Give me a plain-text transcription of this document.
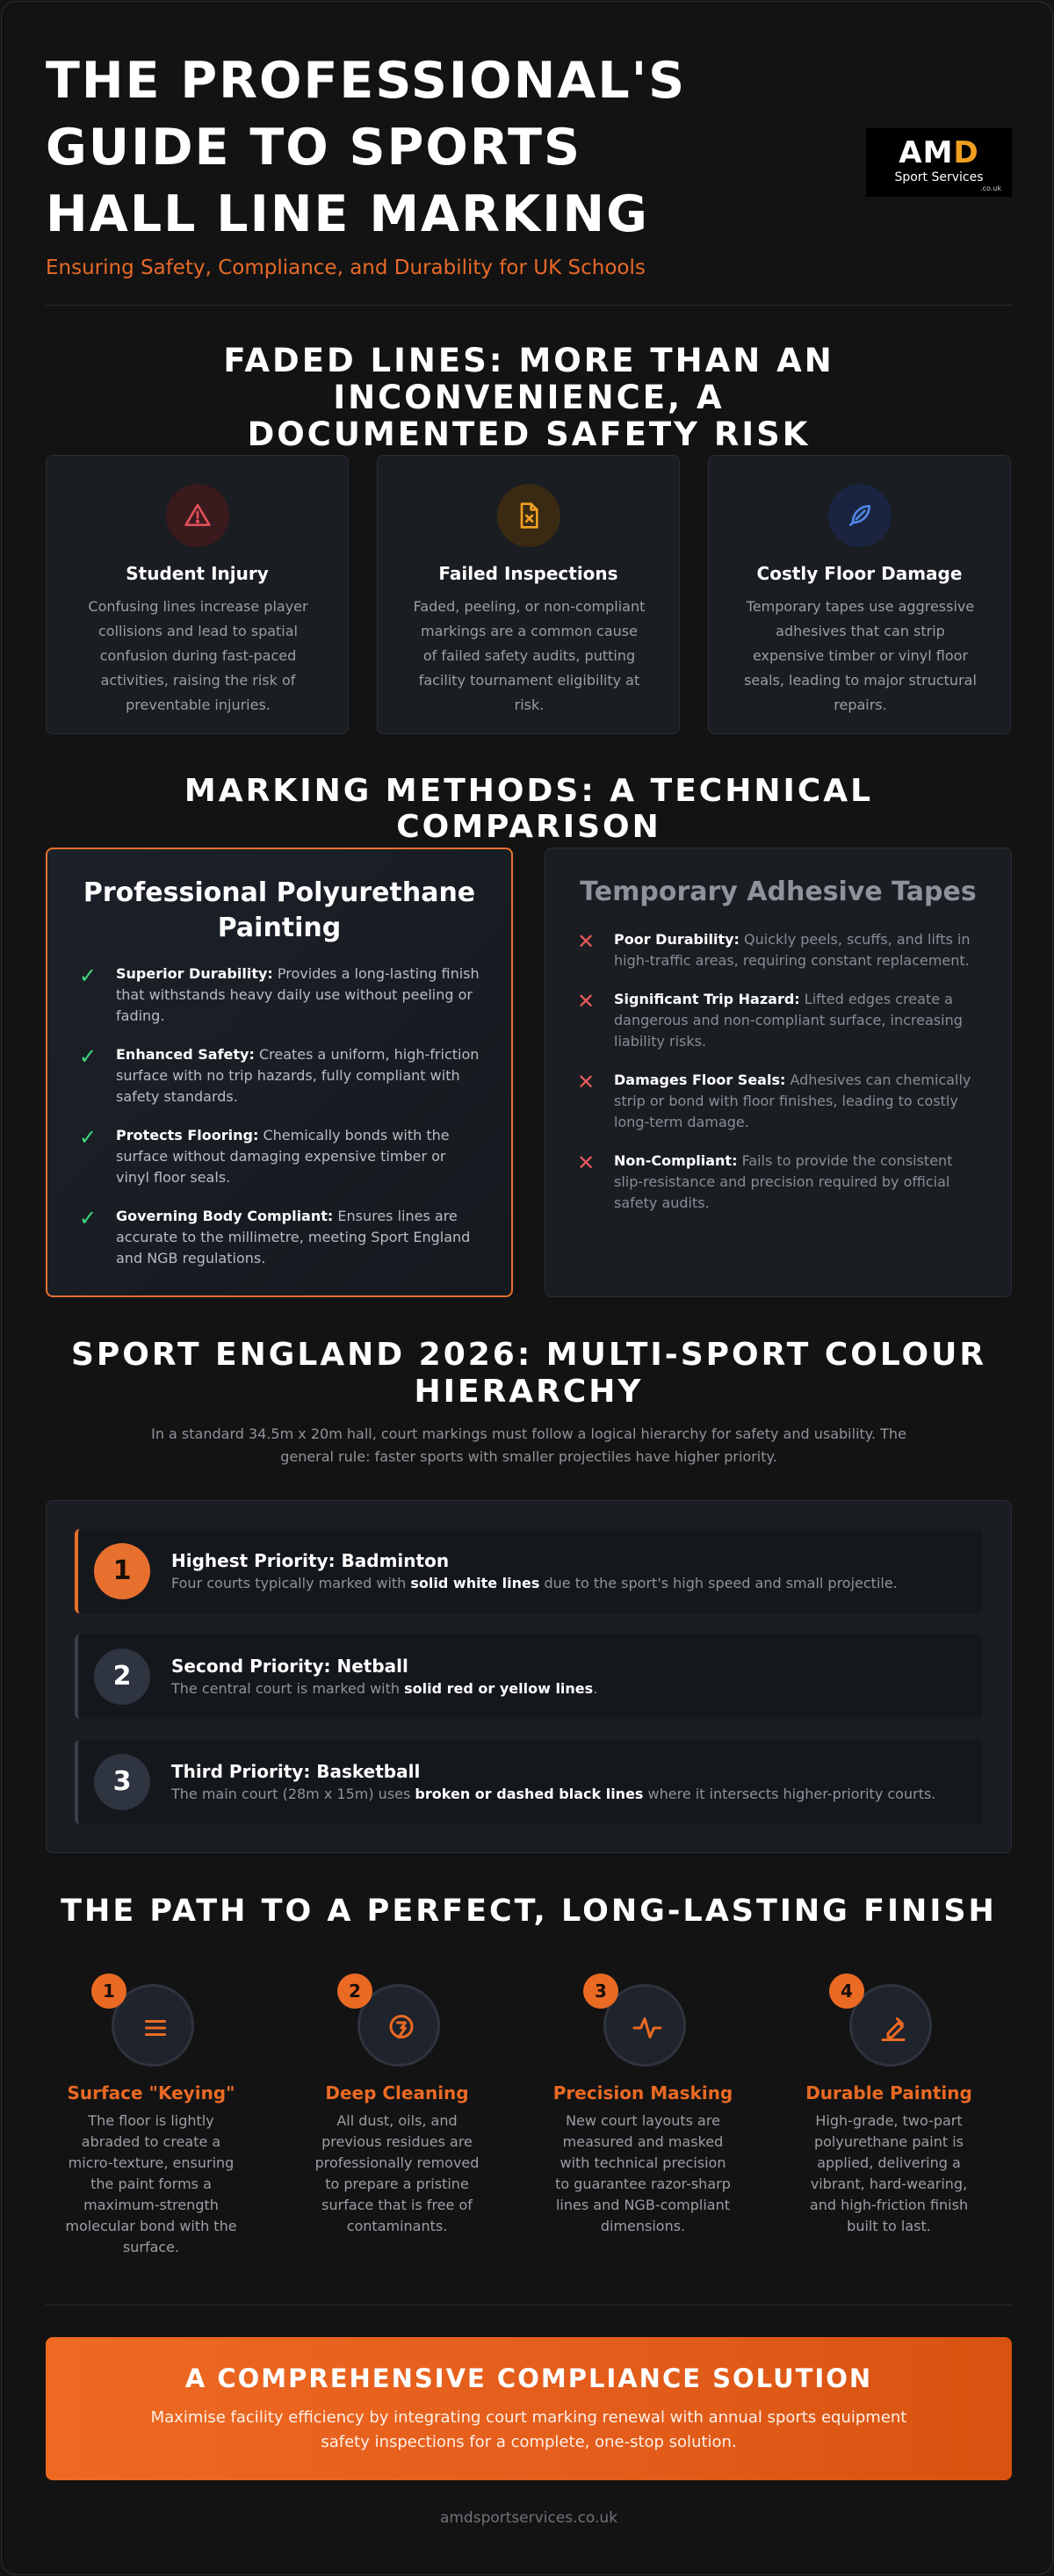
THE PROFESSIONAL'S
GUIDE TO SPORTS
HALL LINE MARKING
Ensuring Safety, Compliance, and Durability for UK Schools
AMD
Sport Services
.co.uk
FADED LINES: MORE THAN AN INCONVENIENCE, A
DOCUMENTED SAFETY RISK
Student Injury
Confusing lines increase player collisions and lead to spatial confusion during fast-paced activities, raising the risk of preventable injuries.
Failed Inspections
Faded, peeling, or non-compliant markings are a common cause of failed safety audits, putting facility tournament eligibility at risk.
Costly Floor Damage
Temporary tapes use aggressive adhesives that can strip expensive timber or vinyl floor seals, leading to major structural repairs.
MARKING METHODS: A TECHNICAL COMPARISON
Professional Polyurethane
Painting
✓ Superior Durability: Provides a long-lasting finish that withstands heavy daily use without peeling or fading.
✓ Enhanced Safety: Creates a uniform, high-friction surface with no trip hazards, fully compliant with safety standards.
✓ Protects Flooring: Chemically bonds with the surface without damaging expensive timber or vinyl floor seals.
✓ Governing Body Compliant: Ensures lines are accurate to the millimetre, meeting Sport England and NGB regulations.
Temporary Adhesive Tapes
✕ Poor Durability: Quickly peels, scuffs, and lifts in high-traffic areas, requiring constant replacement.
✕ Significant Trip Hazard: Lifted edges create a dangerous and non-compliant surface, increasing liability risks.
✕ Damages Floor Seals: Adhesives can chemically strip or bond with floor finishes, leading to costly long-term damage.
✕ Non-Compliant: Fails to provide the consistent slip-resistance and precision required by official safety audits.
SPORT ENGLAND 2026: MULTI-SPORT COLOUR
HIERARCHY
In a standard 34.5m x 20m hall, court markings must follow a logical hierarchy for safety and usability. The general rule: faster sports with smaller projectiles have higher priority.
1	Highest Priority: Badminton
Four courts typically marked with solid white lines due to the sport's high speed and small projectile.
2	Second Priority: Netball
The central court is marked with solid red or yellow lines.
3	Third Priority: Basketball
The main court (28m x 15m) uses broken or dashed black lines where it intersects higher-priority courts.
THE PATH TO A PERFECT, LONG-LASTING FINISH
1
Surface "Keying"
The floor is lightly abraded to create a micro-texture, ensuring the paint forms a maximum-strength molecular bond with the surface.
2
Deep Cleaning
All dust, oils, and previous residues are professionally removed to prepare a pristine surface that is free of contaminants.
3
Precision Masking
New court layouts are measured and masked with technical precision to guarantee razor-sharp lines and NGB-compliant dimensions.
4
Durable Painting
High-grade, two-part polyurethane paint is applied, delivering a vibrant, hard-wearing, and high-friction finish built to last.
A COMPREHENSIVE COMPLIANCE SOLUTION
Maximise facility efficiency by integrating court marking renewal with annual sports equipment safety inspections for a complete, one-stop solution.
amdsportservices.co.uk
